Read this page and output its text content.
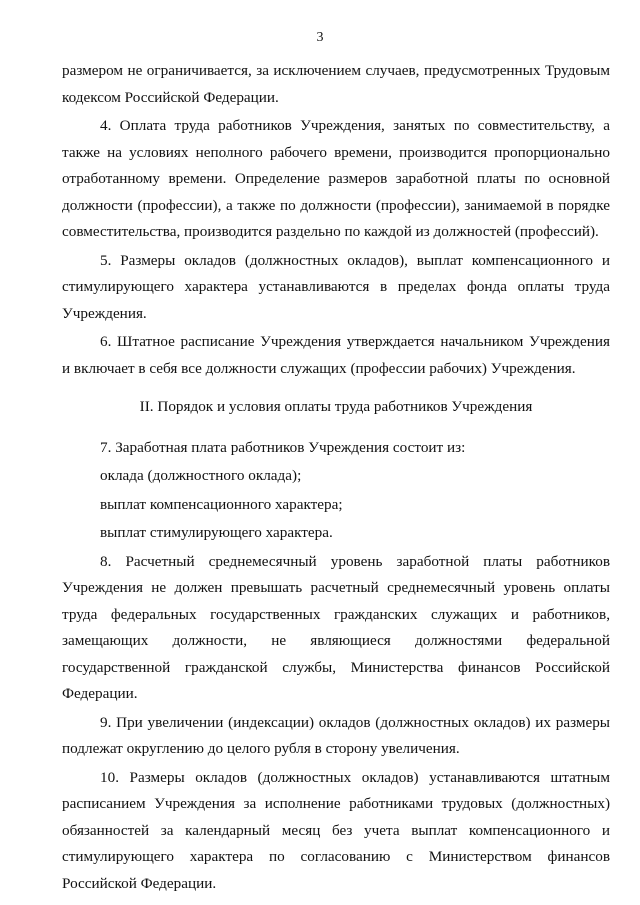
3

размером не ограничивается, за исключением случаев, предусмотренных Трудовым кодексом Российской Федерации.

4. Оплата труда работников Учреждения, занятых по совместительству, а также на условиях неполного рабочего времени, производится пропорционально отработанному времени. Определение размеров заработной платы по основной должности (профессии), а также по должности (профессии), занимаемой в порядке совместительства, производится раздельно по каждой из должностей (профессий).

5. Размеры окладов (должностных окладов), выплат компенсационного и стимулирующего характера устанавливаются в пределах фонда оплаты труда Учреждения.

6. Штатное расписание Учреждения утверждается начальником Учреждения и включает в себя все должности служащих (профессии рабочих) Учреждения.

II. Порядок и условия оплаты труда работников Учреждения

7. Заработная плата работников Учреждения состоит из:

оклада (должностного оклада);

выплат компенсационного характера;

выплат стимулирующего характера.

8. Расчетный среднемесячный уровень заработной платы работников Учреждения не должен превышать расчетный среднемесячный уровень оплаты труда федеральных государственных гражданских служащих и работников, замещающих должности, не являющиеся должностями федеральной государственной гражданской службы, Министерства финансов Российской Федерации.

9. При увеличении (индексации) окладов (должностных окладов) их размеры подлежат округлению до целого рубля в сторону увеличения.

10. Размеры окладов (должностных окладов) устанавливаются штатным расписанием Учреждения за исполнение работниками трудовых (должностных) обязанностей за календарный месяц без учета выплат компенсационного и стимулирующего характера по согласованию с Министерством финансов Российской Федерации.
